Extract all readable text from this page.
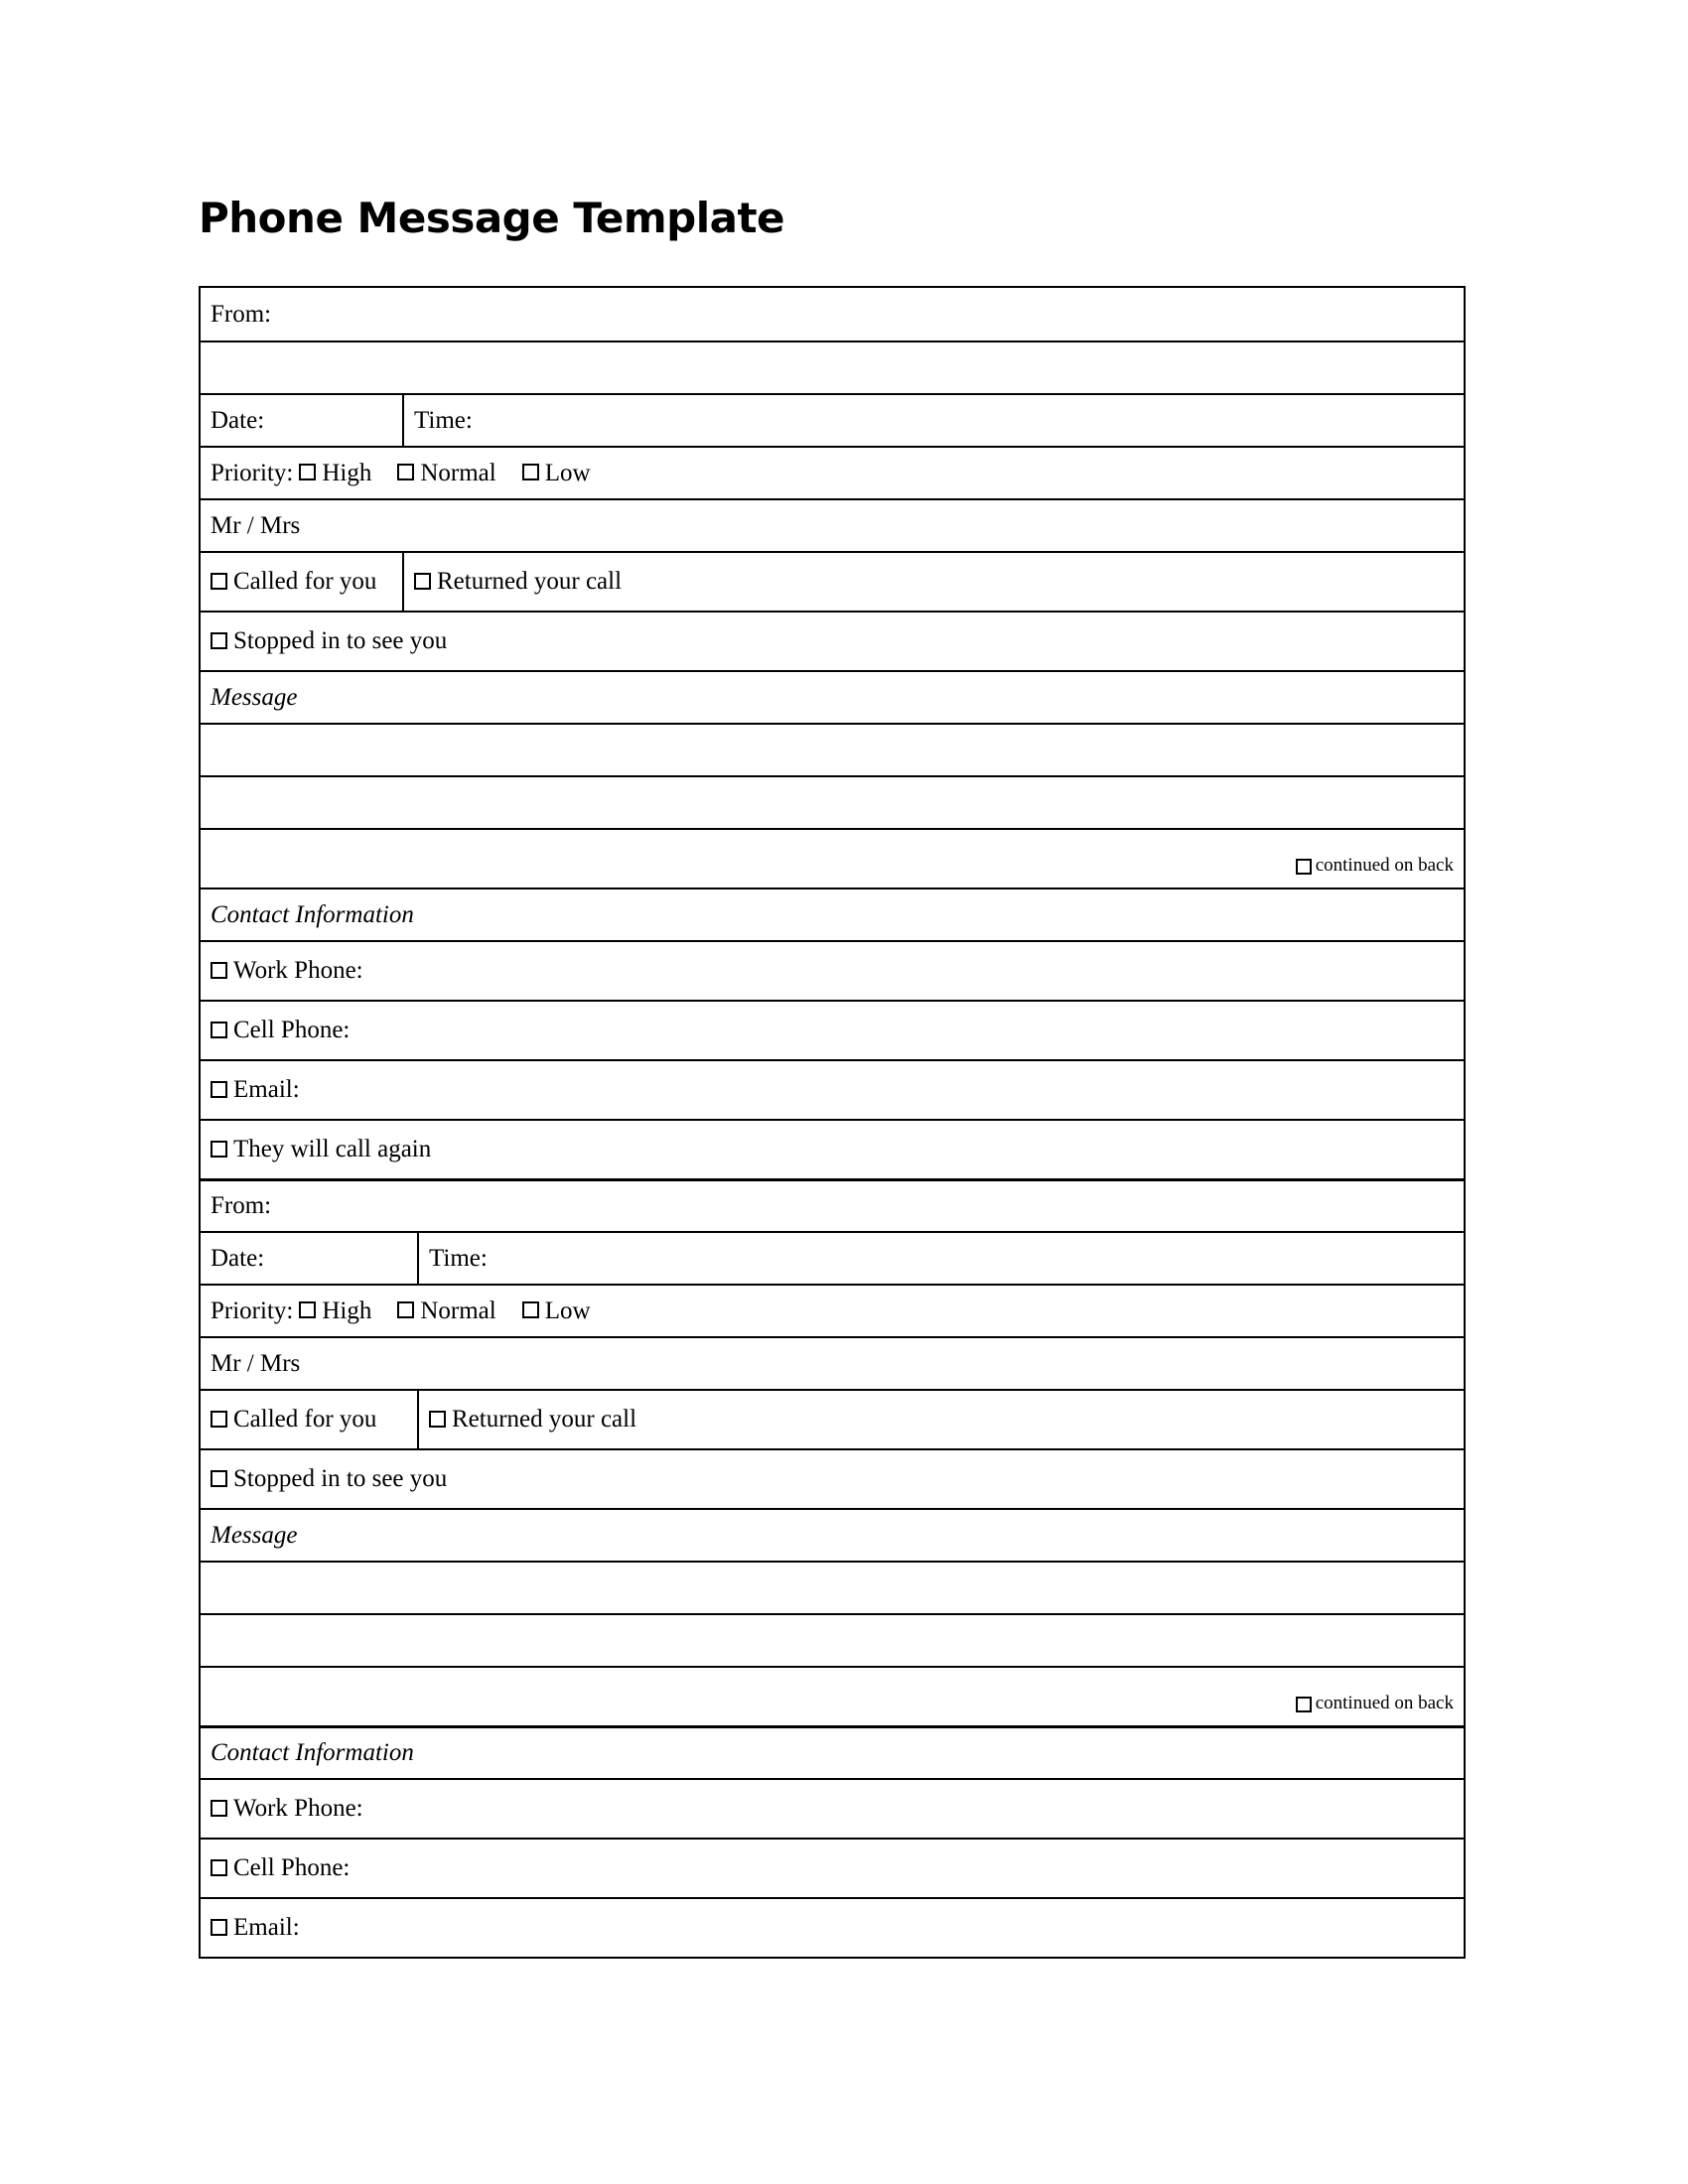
Phone Message Template
From:
Date:	Time:
Priority: High Normal Low
Mr / Mrs
Called for you Returned your call
Stopped in to see you
Message
continued on back
Contact Information
Work Phone:
Cell Phone:
Email:
They will call again
From:
Date:	Time:
Priority: High Normal Low
Mr / Mrs
Called for you	Returned your call
Stopped in to see you
Message
continued on back
Contact Information
Work Phone:
Cell Phone:
Email:
